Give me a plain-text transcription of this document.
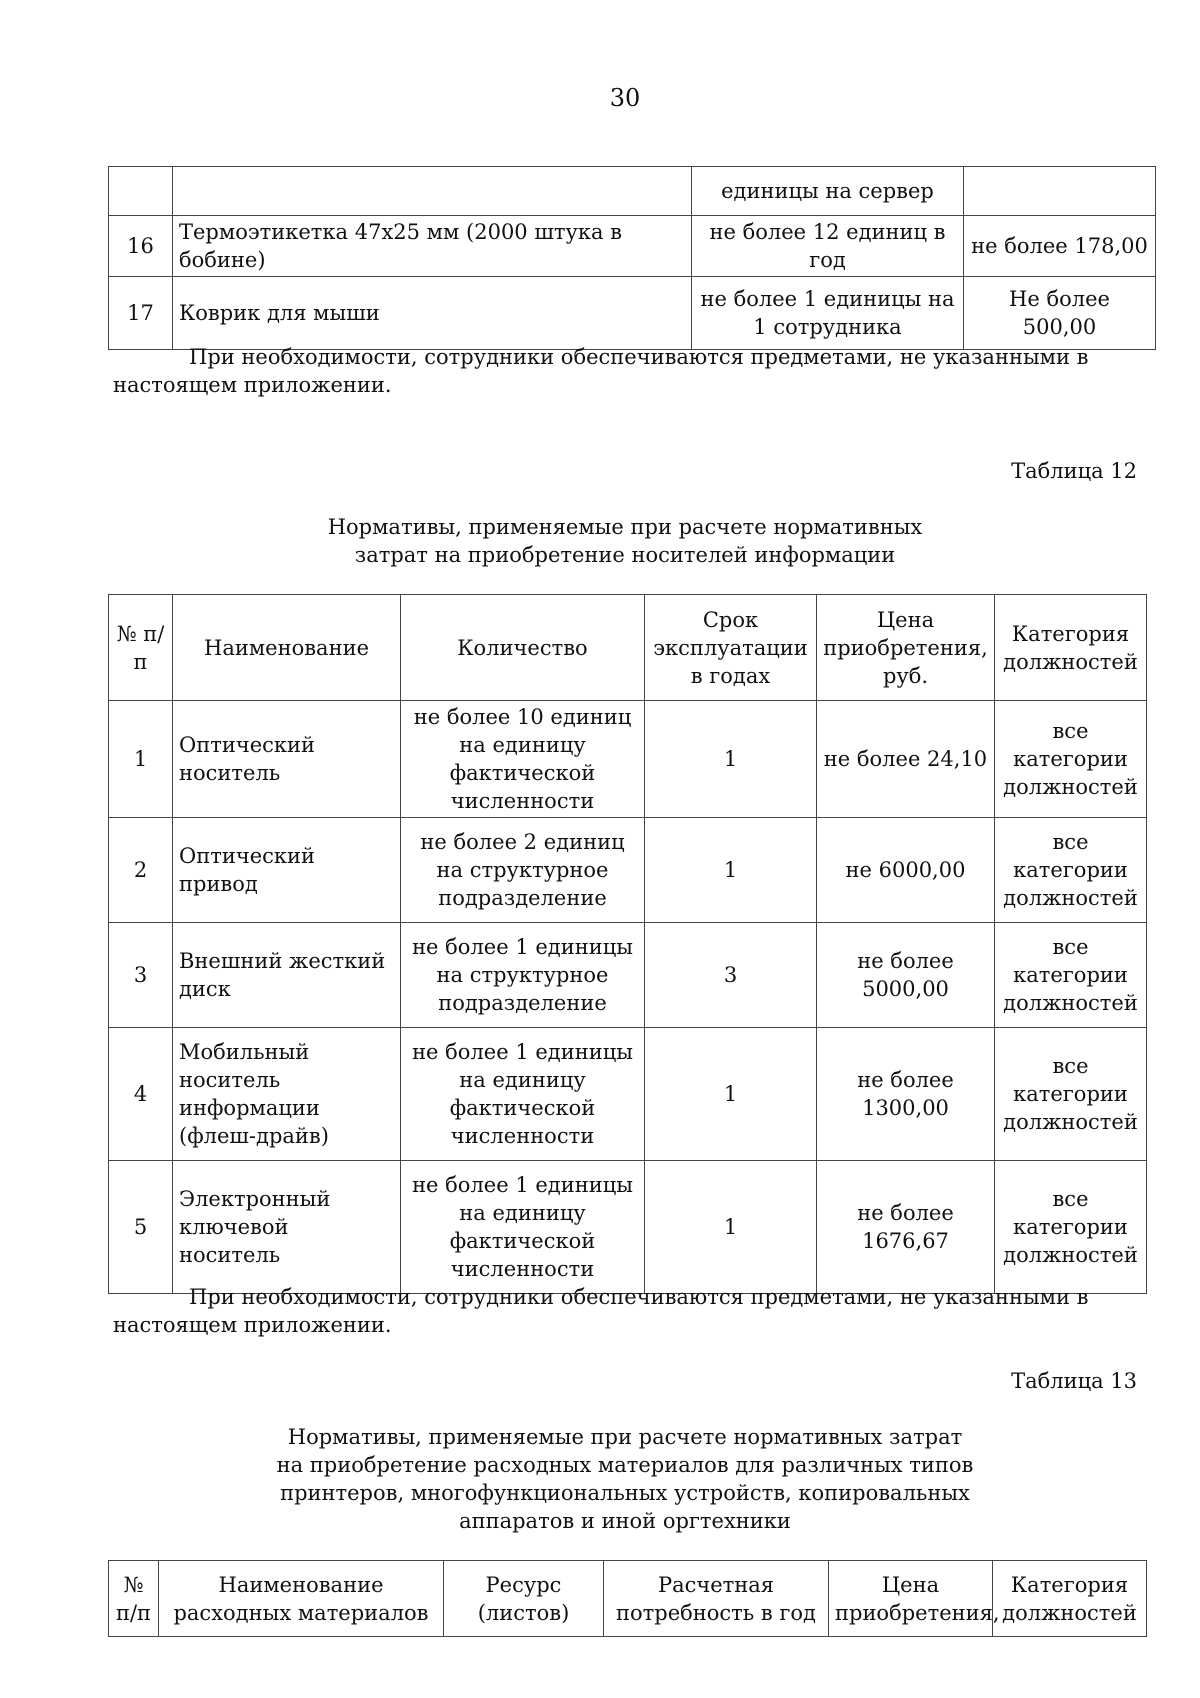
30
		единицы на сервер	
16	Термоэтикетка 47х25 мм (2000 штука в бобине)	не более 12 единиц в год	не более 178,00
17	Коврик для мыши	не более 1 единицы на 1 сотрудника	Не более 500,00
При необходимости, сотрудники обеспечиваются предметами, не указанными в настоящем приложении.
Таблица 12
Нормативы, применяемые при расчете нормативных
затрат на приобретение носителей информации
№ п/п	Наименование	Количество	Срок эксплуатации в годах	Цена приобретения, руб.	Категория должностей
1	Оптический носитель	не более 10 единиц на единицу фактической численности	1	не более 24,10	все категории должностей
2	Оптический привод	не более 2 единиц на структурное подразделение	1	не 6000,00	все категории должностей
3	Внешний жесткий диск	не более 1 единицы на структурное подразделение	3	не более 5000,00	все категории должностей
4	Мобильный носитель информации (флеш-драйв)	не более 1 единицы на единицу фактической численности	1	не более 1300,00	все категории должностей
5	Электронный ключевой носитель	не более 1 единицы на единицу фактической численности	1	не более 1676,67	все категории должностей
При необходимости, сотрудники обеспечиваются предметами, не указанными в настоящем приложении.
Таблица 13
Нормативы, применяемые при расчете нормативных затрат
на приобретение расходных материалов для различных типов
принтеров, многофункциональных устройств, копировальных
аппаратов и иной оргтехники
№ п/п	Наименование расходных материалов	Ресурс (листов)	Расчетная потребность в год	Цена приобретения,	Категория должностей
